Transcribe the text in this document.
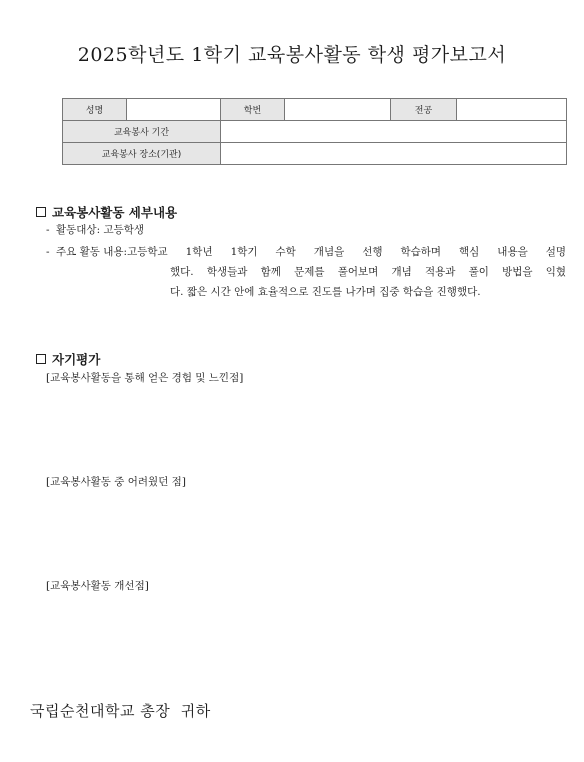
2025학년도 1학기 교육봉사활동 학생 평가보고서
성명		학번		전공	
교육봉사 기간					
교육봉사 장소(기관)					
교육봉사활동 세부내용
- 활동대상: 고등학생
- 주요 활동 내용: 고등학교 1학년 1학기 수학 개념을 선행 학습하며 핵심 내용을 설명
했다. 학생들과 함께 문제를 풀어보며 개념 적용과 풀이 방법을 익혔
다. 짧은 시간 안에 효율적으로 진도를 나가며 집중 학습을 진행했다.
자기평가
[교육봉사활동을 통해 얻은 경험 및 느낀점]
[교육봉사활동 중 어려웠던 점]
[교육봉사활동 개선점]
국립순천대학교 총장  귀하
